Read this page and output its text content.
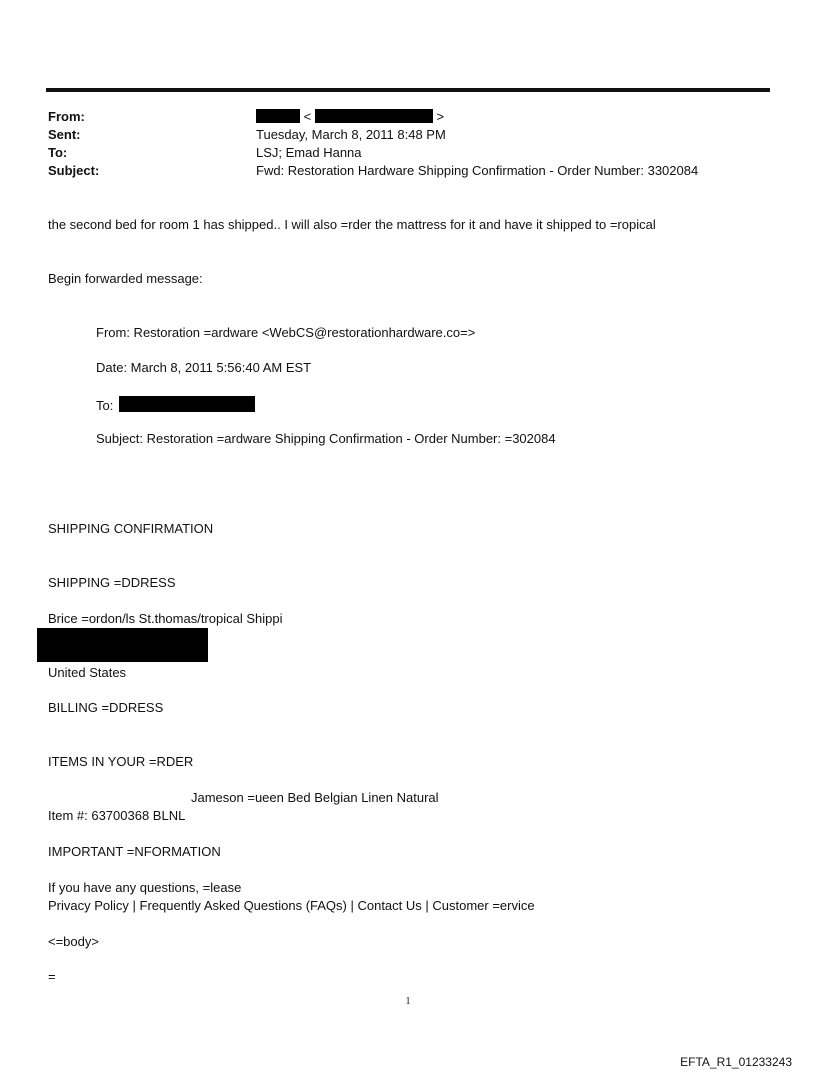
From:	<	>
Sent:	Tuesday, March 8, 2011 8:48 PM
To:	LSJ; Emad Hanna
Subject:	Fwd: Restoration Hardware Shipping Confirmation - Order Number: 3302084
the second bed for room 1 has shipped.. I will also =rder the mattress for it and have it shipped to =ropical
Begin forwarded message:
From: Restoration =ardware <WebCS@restorationhardware.co=>
Date: March 8, 2011 5:56:40 AM EST
To:
Subject: Restoration =ardware Shipping Confirmation - Order Number: =302084
SHIPPING CONFIRMATION
SHIPPING =DDRESS
Brice =ordon/ls St.thomas/tropical Shippi
United States
BILLING =DDRESS
ITEMS IN YOUR =RDER
Jameson =ueen Bed Belgian Linen Natural
Item #: 63700368 BLNL
IMPORTANT =NFORMATION
If you have any questions, =lease
Privacy Policy | Frequently Asked Questions (FAQs) | Contact Us | Customer =ervice
<=body>
=
1
EFTA_R1_01233243
